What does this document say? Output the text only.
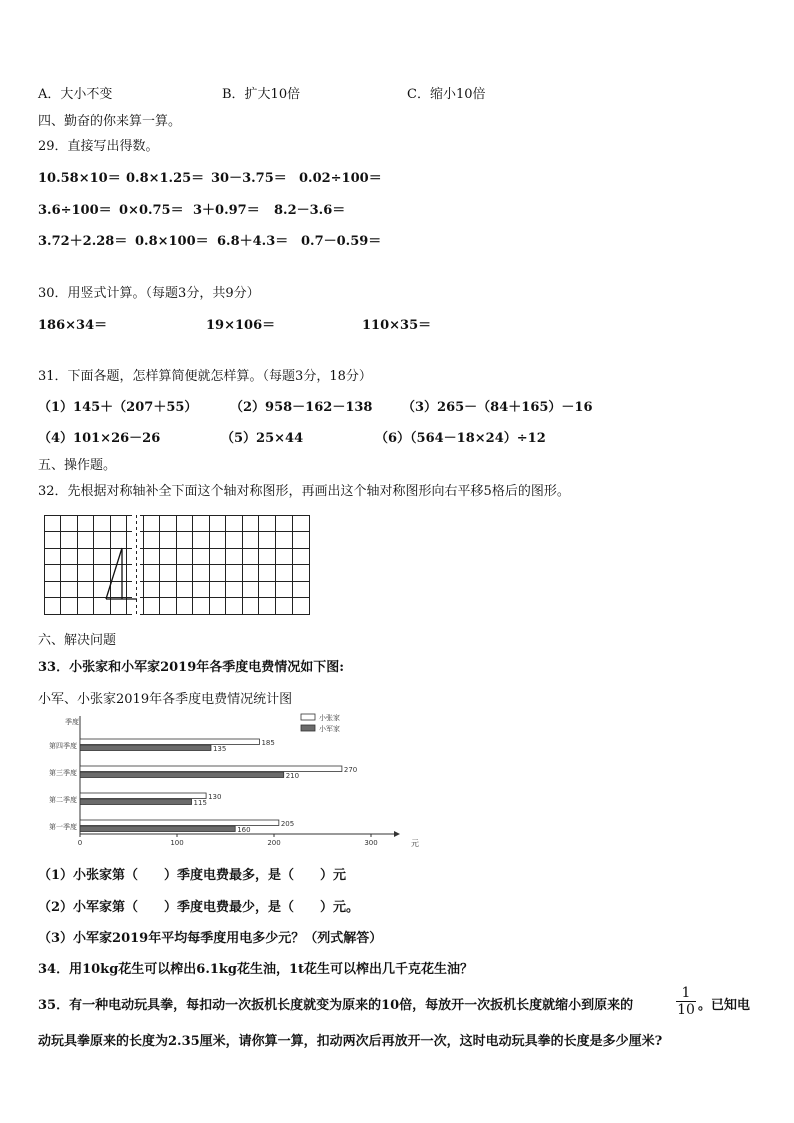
A．大小不变	B．扩大10倍	C．缩小10倍
四、勤奋的你来算一算。
29．直接写出得数。
10.58×10＝ 0.8×1.25＝ 30－3.75＝ 0.02÷100＝
3.6÷100＝ 0×0.75＝ 3＋0.97＝ 8.2－3.6＝
3.72＋2.28＝ 0.8×100＝ 6.8＋4.3＝ 0.7－0.59＝
30．用竖式计算。（每题3分，共9分）
186×34＝	19×106＝	110×35＝
31．下面各题，怎样算简便就怎样算。（每题3分，18分）
（1）145＋（207＋55）	（2）958－162－138 （3）265－（84＋165）－16
（4）101×26－26	（5）25×44	（6）（564－18×24）÷12
五、操作题。
32．先根据对称轴补全下面这个轴对称图形，再画出这个轴对称图形向右平移5格后的图形。
六、解决问题
33．小张家和小军家2019年各季度电费情况如下图:
小军、小张家2019年各季度电费情况统计图
季度
元
0	100	200	300
第四季度	185
135
第三季度	270
210
第二季度	130
115
第一季度	205
160
小张家
小军家
（1）小张家第（　　）季度电费最多，是（　　）元
（2）小军家第（　　）季度电费最少，是（　　）元。
（3）小军家2019年平均每季度用电多少元？（列式解答）
34．用10kg花生可以榨出6.1kg花生油，1t花生可以榨出几千克花生油？
35．有一种电动玩具拳，每扣动一次扳机长度就变为原来的10倍，每放开一次扳机长度就缩小到原来的	$\frac{1}{10}$ 。已知电
动玩具拳原来的长度为2.35厘米，请你算一算，扣动两次后再放开一次，这时电动玩具拳的长度是多少厘米?
